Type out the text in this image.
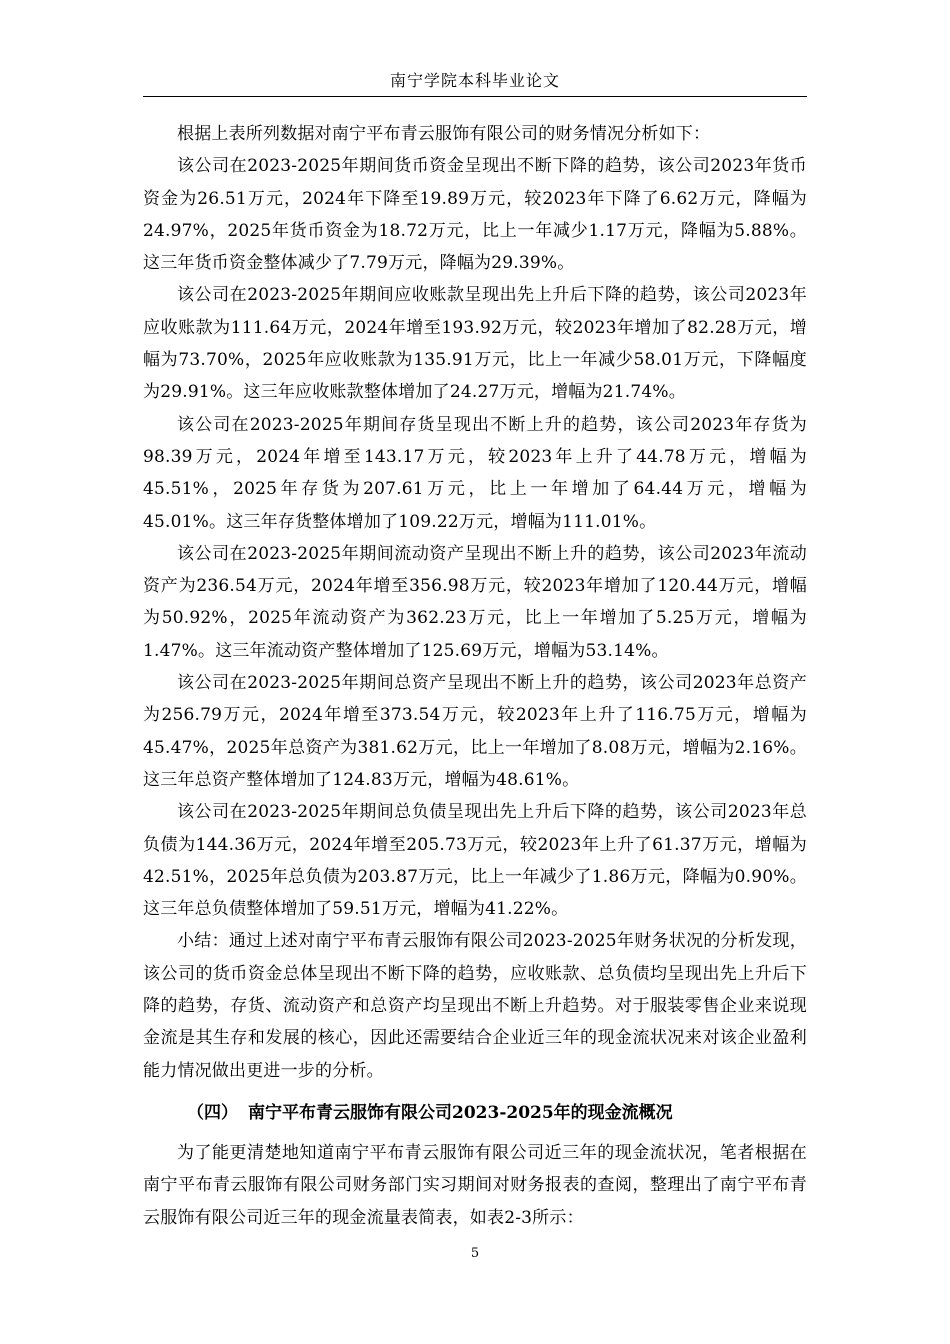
南宁学院本科毕业论文

根据上表所列数据对南宁平布青云服饰有限公司的财务情况分析如下：

该公司在2023-2025年期间货币资金呈现出不断下降的趋势，该公司2023年货币资金为26.51万元，2024年下降至19.89万元，较2023年下降了6.62万元，降幅为24.97%，2025年货币资金为18.72万元，比上一年减少1.17万元，降幅为5.88%。这三年货币资金整体减少了7.79万元，降幅为29.39%。

该公司在2023-2025年期间应收账款呈现出先上升后下降的趋势，该公司2023年应收账款为111.64万元，2024年增至193.92万元，较2023年增加了82.28万元，增幅为73.70%，2025年应收账款为135.91万元，比上一年减少58.01万元，下降幅度为29.91%。这三年应收账款整体增加了24.27万元，增幅为21.74%。

该公司在2023-2025年期间存货呈现出不断上升的趋势，该公司2023年存货为98.39万元，2024年增至143.17万元，较2023年上升了44.78万元，增幅为45.51%，2025年存货为207.61万元，比上一年增加了64.44万元，增幅为45.01%。这三年存货整体增加了109.22万元，增幅为111.01%。

该公司在2023-2025年期间流动资产呈现出不断上升的趋势，该公司2023年流动资产为236.54万元，2024年增至356.98万元，较2023年增加了120.44万元，增幅为50.92%，2025年流动资产为362.23万元，比上一年增加了5.25万元，增幅为1.47%。这三年流动资产整体增加了125.69万元，增幅为53.14%。

该公司在2023-2025年期间总资产呈现出不断上升的趋势，该公司2023年总资产为256.79万元，2024年增至373.54万元，较2023年上升了116.75万元，增幅为45.47%，2025年总资产为381.62万元，比上一年增加了8.08万元，增幅为2.16%。这三年总资产整体增加了124.83万元，增幅为48.61%。

该公司在2023-2025年期间总负债呈现出先上升后下降的趋势，该公司2023年总负债为144.36万元，2024年增至205.73万元，较2023年上升了61.37万元，增幅为42.51%，2025年总负债为203.87万元，比上一年减少了1.86万元，降幅为0.90%。这三年总负债整体增加了59.51万元，增幅为41.22%。

小结：通过上述对南宁平布青云服饰有限公司2023-2025年财务状况的分析发现，该公司的货币资金总体呈现出不断下降的趋势，应收账款、总负债均呈现出先上升后下降的趋势，存货、流动资产和总资产均呈现出不断上升趋势。对于服装零售企业来说现金流是其生存和发展的核心，因此还需要结合企业近三年的现金流状况来对该企业盈利能力情况做出更进一步的分析。

（四） 南宁平布青云服饰有限公司2023-2025年的现金流概况

为了能更清楚地知道南宁平布青云服饰有限公司近三年的现金流状况，笔者根据在南宁平布青云服饰有限公司财务部门实习期间对财务报表的查阅，整理出了南宁平布青云服饰有限公司近三年的现金流量表简表，如表2-3所示：

5
